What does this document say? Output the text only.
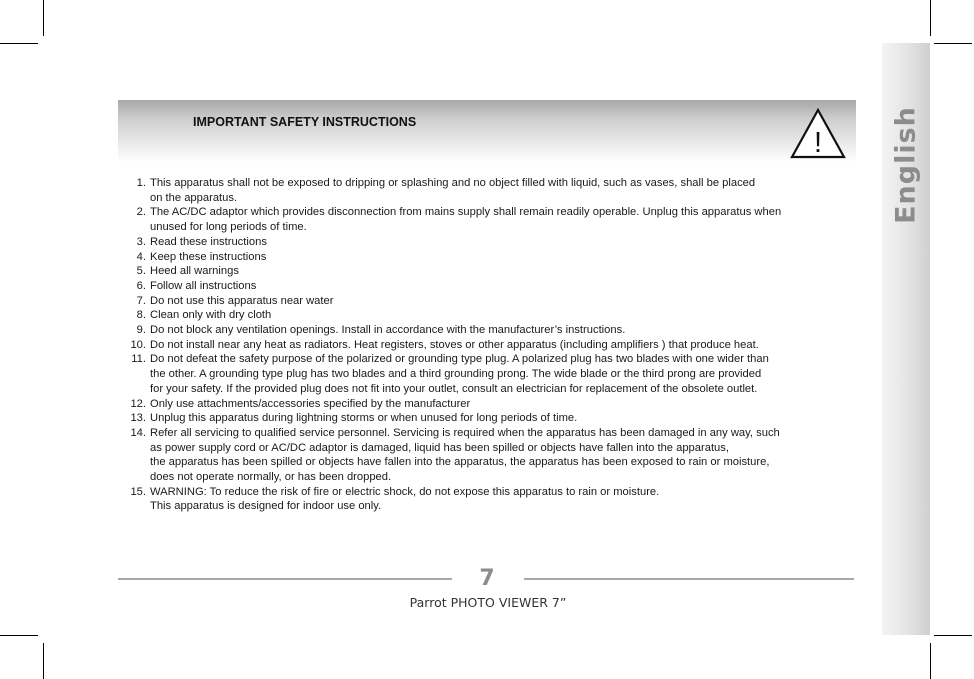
English
IMPORTANT SAFETY INSTRUCTIONS
!
1. This apparatus shall not be exposed to dripping or splashing and no object filled with liquid, such as vases, shall be placed
on the apparatus.
2. The AC/DC adaptor which provides disconnection from mains supply shall remain readily operable. Unplug this apparatus when
unused for long periods of time.
3. Read these instructions
4. Keep these instructions
5. Heed all warnings
6. Follow all instructions
7. Do not use this apparatus near water
8. Clean only with dry cloth
9. Do not block any ventilation openings. Install in accordance with the manufacturer’s instructions.
10. Do not install near any heat as radiators. Heat registers, stoves or other apparatus (including amplifiers ) that produce heat.
11. Do not defeat the safety purpose of the polarized or grounding type plug. A polarized plug has two blades with one wider than
the other. A grounding type plug has two blades and a third grounding prong. The wide blade or the third prong are provided
for your safety. If the provided plug does not fit into your outlet, consult an electrician for replacement of the obsolete outlet.
12. Only use attachments/accessories specified by the manufacturer
13. Unplug this apparatus during lightning storms or when unused for long periods of time.
14. Refer all servicing to qualified service personnel. Servicing is required when the apparatus has been damaged in any way, such
as power supply cord or AC/DC adaptor is damaged, liquid has been spilled or objects have fallen into the apparatus,
the apparatus has been spilled or objects have fallen into the apparatus, the apparatus has been exposed to rain or moisture,
does not operate normally, or has been dropped.
15. WARNING: To reduce the risk of fire or electric shock, do not expose this apparatus to rain or moisture.
This apparatus is designed for indoor use only.
7
Parrot PHOTO VIEWER 7”
